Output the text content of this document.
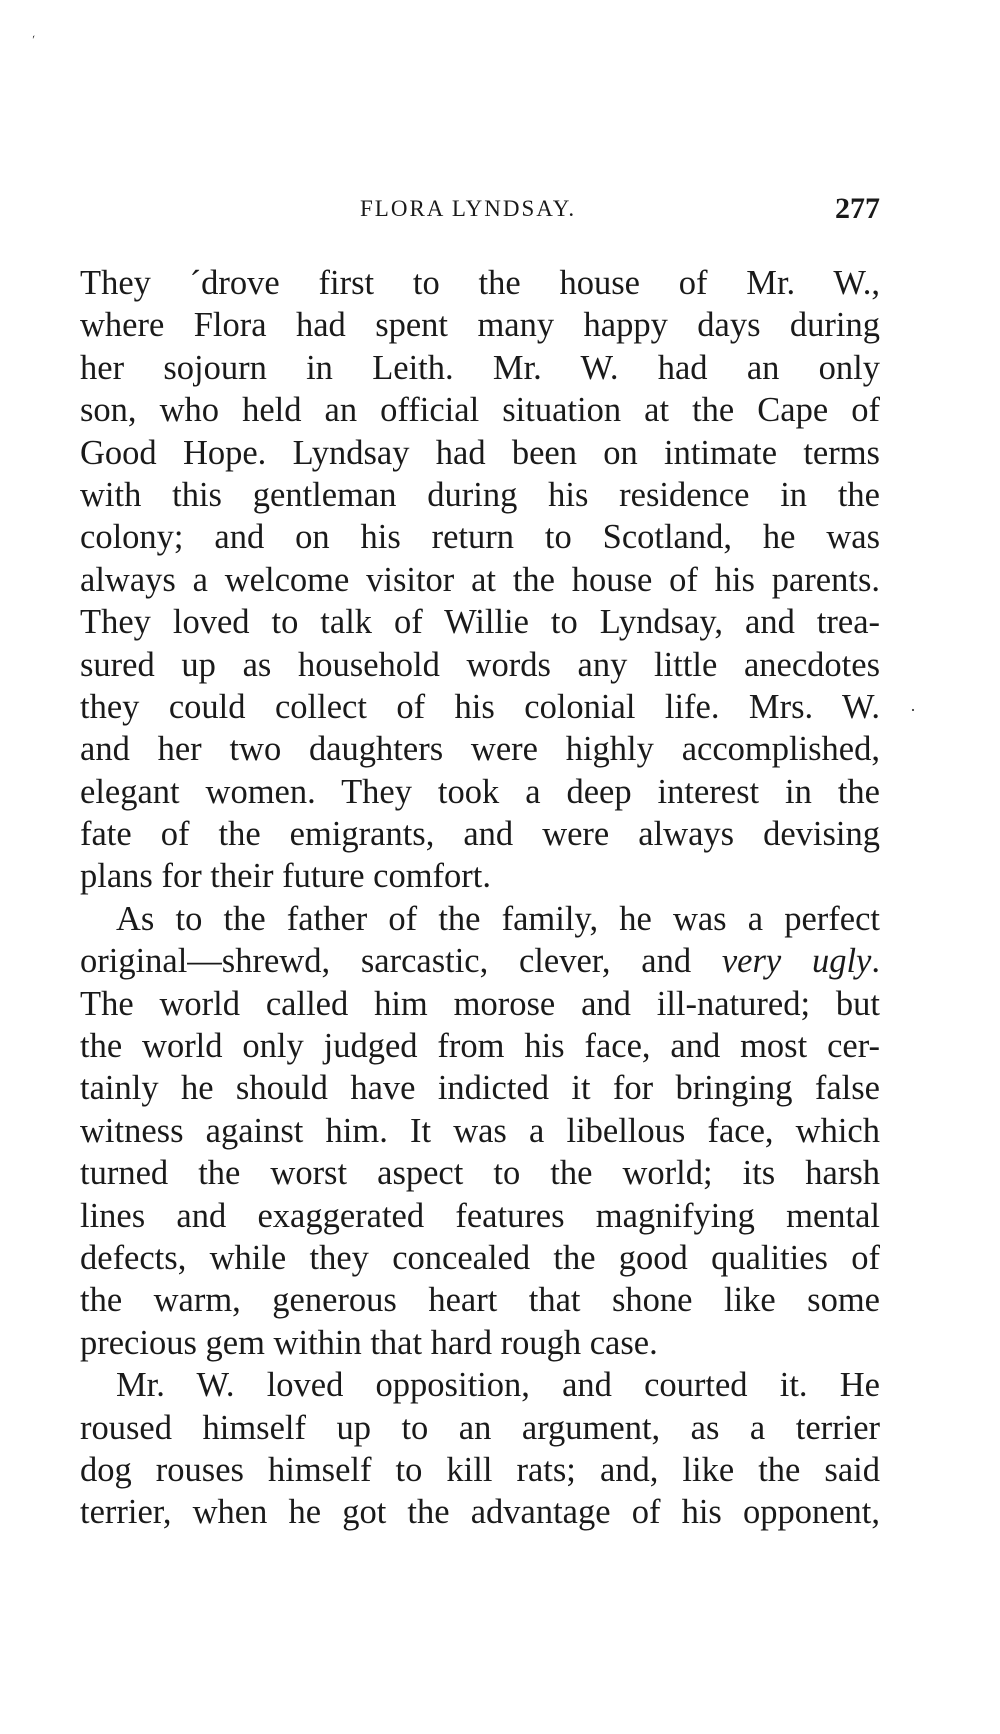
ˊ
FLORA LYNDSAY.	277
They ´drove first to the house of Mr. W.,
where Flora had spent many happy days during
her sojourn in Leith. Mr. W. had an only
son, who held an official situation at the Cape of
Good Hope. Lyndsay had been on intimate terms
with this gentleman during his residence in the
colony; and on his return to Scotland, he was
always a welcome visitor at the house of his parents.
They loved to talk of Willie to Lyndsay, and trea-
sured up as household words any little anecdotes
they could collect of his colonial life. Mrs. W.
and her two daughters were highly accomplished,
elegant women. They took a deep interest in the
fate of the emigrants, and were always devising
plans for their future comfort.
As to the father of the family, he was a perfect
original—shrewd, sarcastic, clever, and very ugly.
The world called him morose and ill-natured; but
the world only judged from his face, and most cer-
tainly he should have indicted it for bringing false
witness against him. It was a libellous face, which
turned the worst aspect to the world; its harsh
lines and exaggerated features magnifying mental
defects, while they concealed the good qualities of
the warm, generous heart that shone like some
precious gem within that hard rough case.
Mr. W. loved opposition, and courted it. He
roused himself up to an argument, as a terrier
dog rouses himself to kill rats; and, like the said
terrier, when he got the advantage of his opponent,
·
